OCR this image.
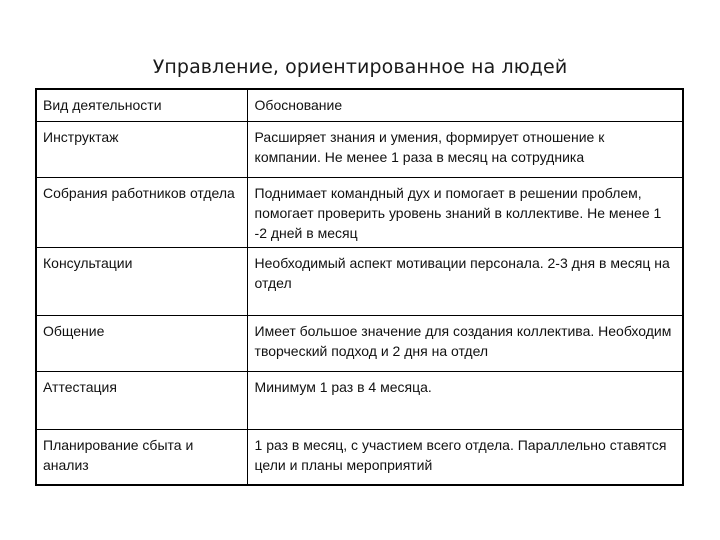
Управление, ориентированное на людей
Вид деятельности	Обоснование
Инструктаж	Расширяет знания и умения, формирует отношение к компании. Не менее 1 раза в месяц на сотрудника
Собрания работников отдела	Поднимает командный дух и помогает в решении проблем, помогает проверить уровень знаний в коллективе. Не менее 1 -2 дней в месяц
Консультации	Необходимый аспект мотивации персонала. 2-3 дня в месяц на отдел
Общение	Имеет большое значение для создания коллектива. Необходим творческий подход и 2 дня на отдел
Аттестация	Минимум 1 раз в 4 месяца.
Планирование сбыта и анализ	1 раз в месяц, с участием всего отдела. Параллельно ставятся цели и планы мероприятий
